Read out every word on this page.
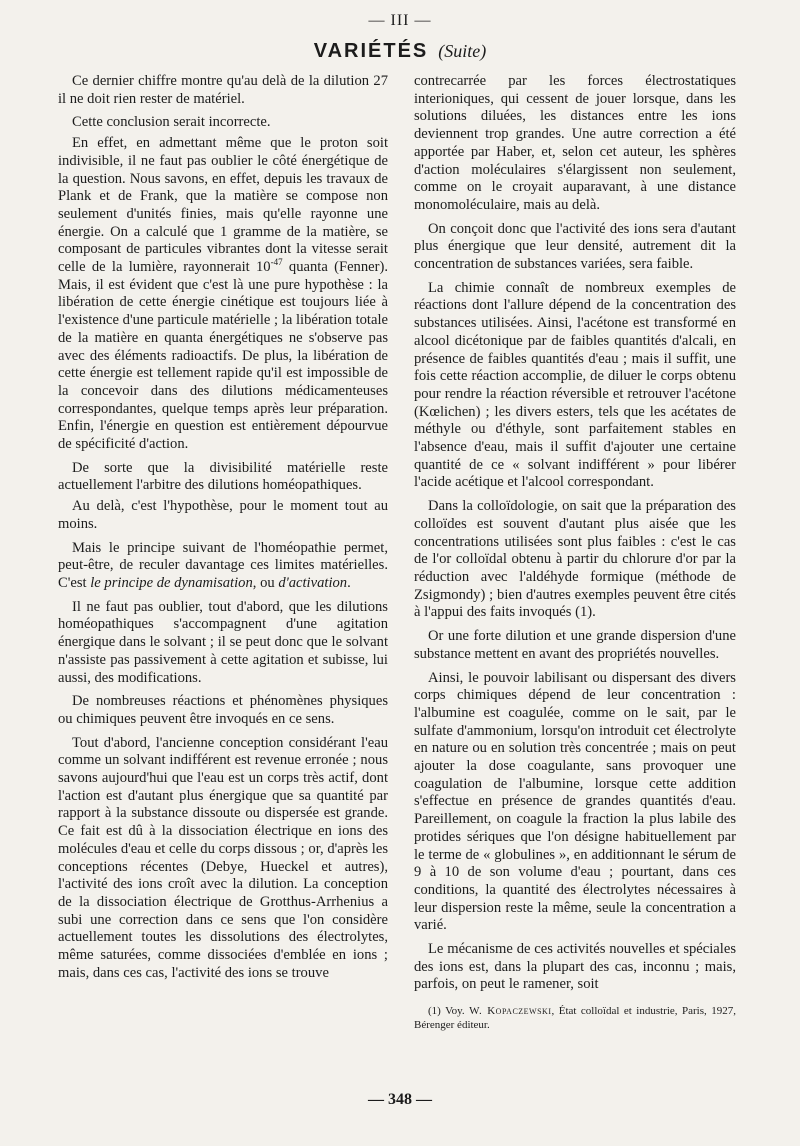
— III —
VARIÉTÉS (Suite)

Ce dernier chiffre montre qu'au delà de la dilution 27 il ne doit rien rester de matériel.

Cette conclusion serait incorrecte.

En effet, en admettant même que le proton soit indivisible, il ne faut pas oublier le côté énergétique de la question. Nous savons, en effet, depuis les travaux de Plank et de Frank, que la matière se compose non seulement d'unités finies, mais qu'elle rayonne une énergie. On a calculé que 1 gramme de la matière, se composant de particules vibrantes dont la vitesse serait celle de la lumière, rayonnerait $10^{-47}$ quanta (Fenner). Mais, il est évident que c'est là une pure hypothèse : la libération de cette énergie cinétique est toujours liée à l'existence d'une particule matérielle ; la libération totale de la matière en quanta énergétiques ne s'observe pas avec des éléments radioactifs. De plus, la libération de cette énergie est tellement rapide qu'il est impossible de la concevoir dans des dilutions médicamenteuses correspondantes, quelque temps après leur préparation. Enfin, l'énergie en question est entièrement dépourvue de spécificité d'action.

De sorte que la divisibilité matérielle reste actuellement l'arbitre des dilutions homéopathiques.

Au delà, c'est l'hypothèse, pour le moment tout au moins.

Mais le principe suivant de l'homéopathie permet, peut-être, de reculer davantage ces limites matérielles. C'est le principe de dynamisation, ou d'activation.

Il ne faut pas oublier, tout d'abord, que les dilutions homéopathiques s'accompagnent d'une agitation énergique dans le solvant ; il se peut donc que le solvant n'assiste pas passivement à cette agitation et subisse, lui aussi, des modifications.

De nombreuses réactions et phénomènes physiques ou chimiques peuvent être invoqués en ce sens.

Tout d'abord, l'ancienne conception considérant l'eau comme un solvant indifférent est revenue erronée ; nous savons aujourd'hui que l'eau est un corps très actif, dont l'action est d'autant plus énergique que sa quantité par rapport à la substance dissoute ou dispersée est grande. Ce fait est dû à la dissociation électrique en ions des molécules d'eau et celle du corps dissous ; or, d'après les conceptions récentes (Debye, Hueckel et autres), l'activité des ions croît avec la dilution. La conception de la dissociation électrique de Grotthus-Arrhenius a subi une correction dans ce sens que l'on considère actuellement toutes les dissolutions des électrolytes, même saturées, comme dissociées d'emblée en ions ; mais, dans ces cas, l'activité des ions se trouve

contrecarrée par les forces électrostatiques interioniques, qui cessent de jouer lorsque, dans les solutions diluées, les distances entre les ions deviennent trop grandes. Une autre correction a été apportée par Haber, et, selon cet auteur, les sphères d'action moléculaires s'élargissent non seulement, comme on le croyait auparavant, à une distance monomoléculaire, mais au delà.

On conçoit donc que l'activité des ions sera d'autant plus énergique que leur densité, autrement dit la concentration de substances variées, sera faible.

La chimie connaît de nombreux exemples de réactions dont l'allure dépend de la concentration des substances utilisées. Ainsi, l'acétone est transformé en alcool dicétonique par de faibles quantités d'alcali, en présence de faibles quantités d'eau ; mais il suffit, une fois cette réaction accomplie, de diluer le corps obtenu pour rendre la réaction réversible et retrouver l'acétone (Kœlichen) ; les divers esters, tels que les acétates de méthyle ou d'éthyle, sont parfaitement stables en l'absence d'eau, mais il suffit d'ajouter une certaine quantité de ce « solvant indifférent » pour libérer l'acide acétique et l'alcool correspondant.

Dans la colloïdologie, on sait que la préparation des colloïdes est souvent d'autant plus aisée que les concentrations utilisées sont plus faibles : c'est le cas de l'or colloïdal obtenu à partir du chlorure d'or par la réduction avec l'aldéhyde formique (méthode de Zsigmondy) ; bien d'autres exemples peuvent être cités à l'appui des faits invoqués (1).

Or une forte dilution et une grande dispersion d'une substance mettent en avant des propriétés nouvelles.

Ainsi, le pouvoir labilisant ou dispersant des divers corps chimiques dépend de leur concentration : l'albumine est coagulée, comme on le sait, par le sulfate d'ammonium, lorsqu'on introduit cet électrolyte en nature ou en solution très concentrée ; mais on peut ajouter la dose coagulante, sans provoquer une coagulation de l'albumine, lorsque cette addition s'effectue en présence de grandes quantités d'eau. Pareillement, on coagule la fraction la plus labile des protides sériques que l'on désigne habituellement par le terme de « globulines », en additionnant le sérum de 9 à 10 de son volume d'eau ; pourtant, dans ces conditions, la quantité des électrolytes nécessaires à leur dispersion reste la même, seule la concentration a varié.

Le mécanisme de ces activités nouvelles et spéciales des ions est, dans la plupart des cas, inconnu ; mais, parfois, on peut le ramener, soit

(1) Voy. W. Kopaczewski, État colloïdal et industrie, Paris, 1927, Bérenger éditeur.
— 348 —
